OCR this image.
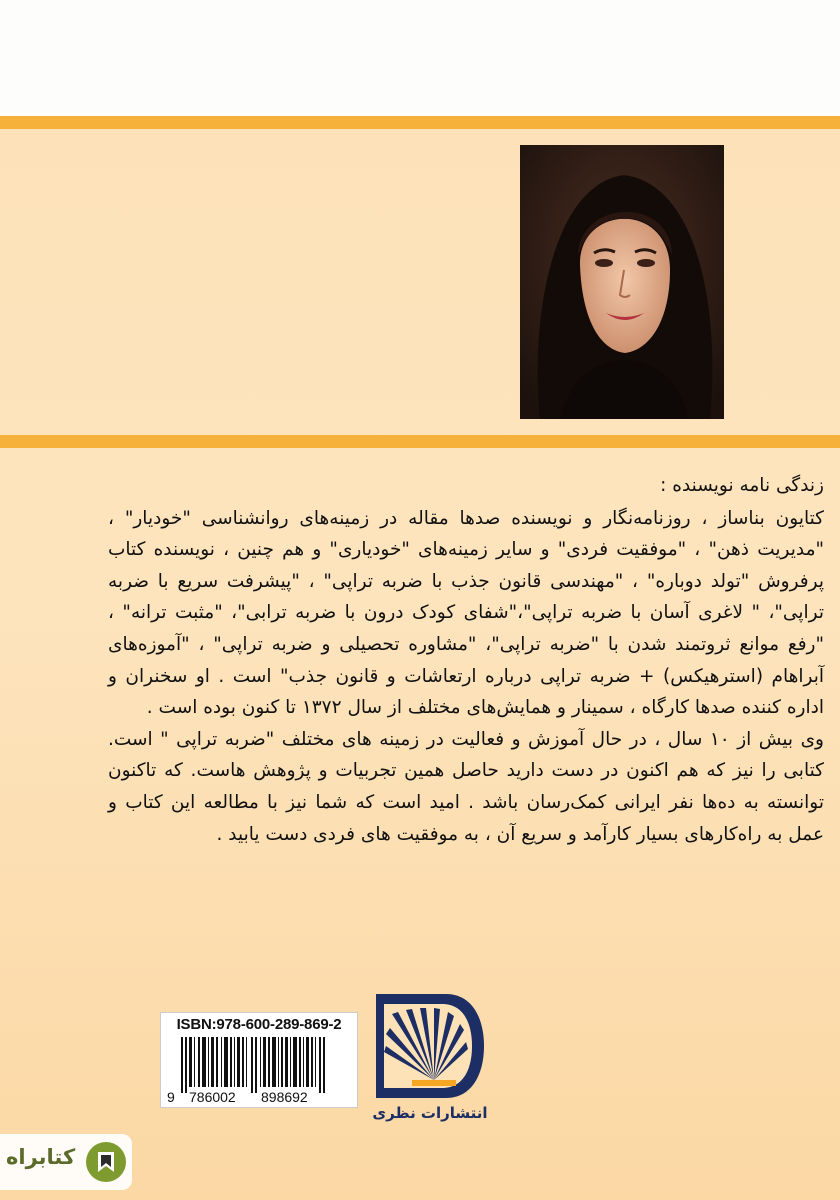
زندگی نامه نویسنده :

کتایون بناساز ، روزنامه‌نگار و نویسنده صدها مقاله در زمینه‌های روانشناسی "خودیار" ، "مدیریت ذهن" ، "موفقیت فردی" و سایر زمینه‌های "خودیاری" و هم چنین ، نویسنده کتاب پرفروش "تولد دوباره" ، "مهندسی قانون جذب با ضربه تراپی" ، "پیشرفت سریع با ضربه تراپی"، " لاغری آسان با ضربه تراپی"،"شفای کودک درون با ضربه ترابی"، "مثبت ترانه" ، "رفع موانع ثروتمند شدن با "ضربه تراپی"، "مشاوره تحصیلی و ضربه تراپی" ، "آموزه‌های آبراهام (استرهیکس) + ضربه تراپی درباره ارتعاشات و قانون جذب" است . او سخنران و اداره کننده صدها کارگاه ، سمینار و همایش‌های مختلف از سال ۱۳۷۲ تا کنون بوده است .

وی بیش از ۱۰ سال ، در حال آموزش و فعالیت در زمینه های مختلف "ضربه تراپی " است. کتابی را نیز که هم اکنون در دست دارید حاصل همین تجربیات و پژوهش هاست. که تاکنون توانسته به ده‌ها نفر ایرانی کمک‌رسان باشد . امید است که شما نیز با مطالعه این کتاب و عمل به راه‌کارهای بسیار کارآمد و سریع آن ، به موفقیت های فردی دست یابید .

ISBN:978-600-289-869-2
9 786002 898692
انتشارات نظری
کتابراه
